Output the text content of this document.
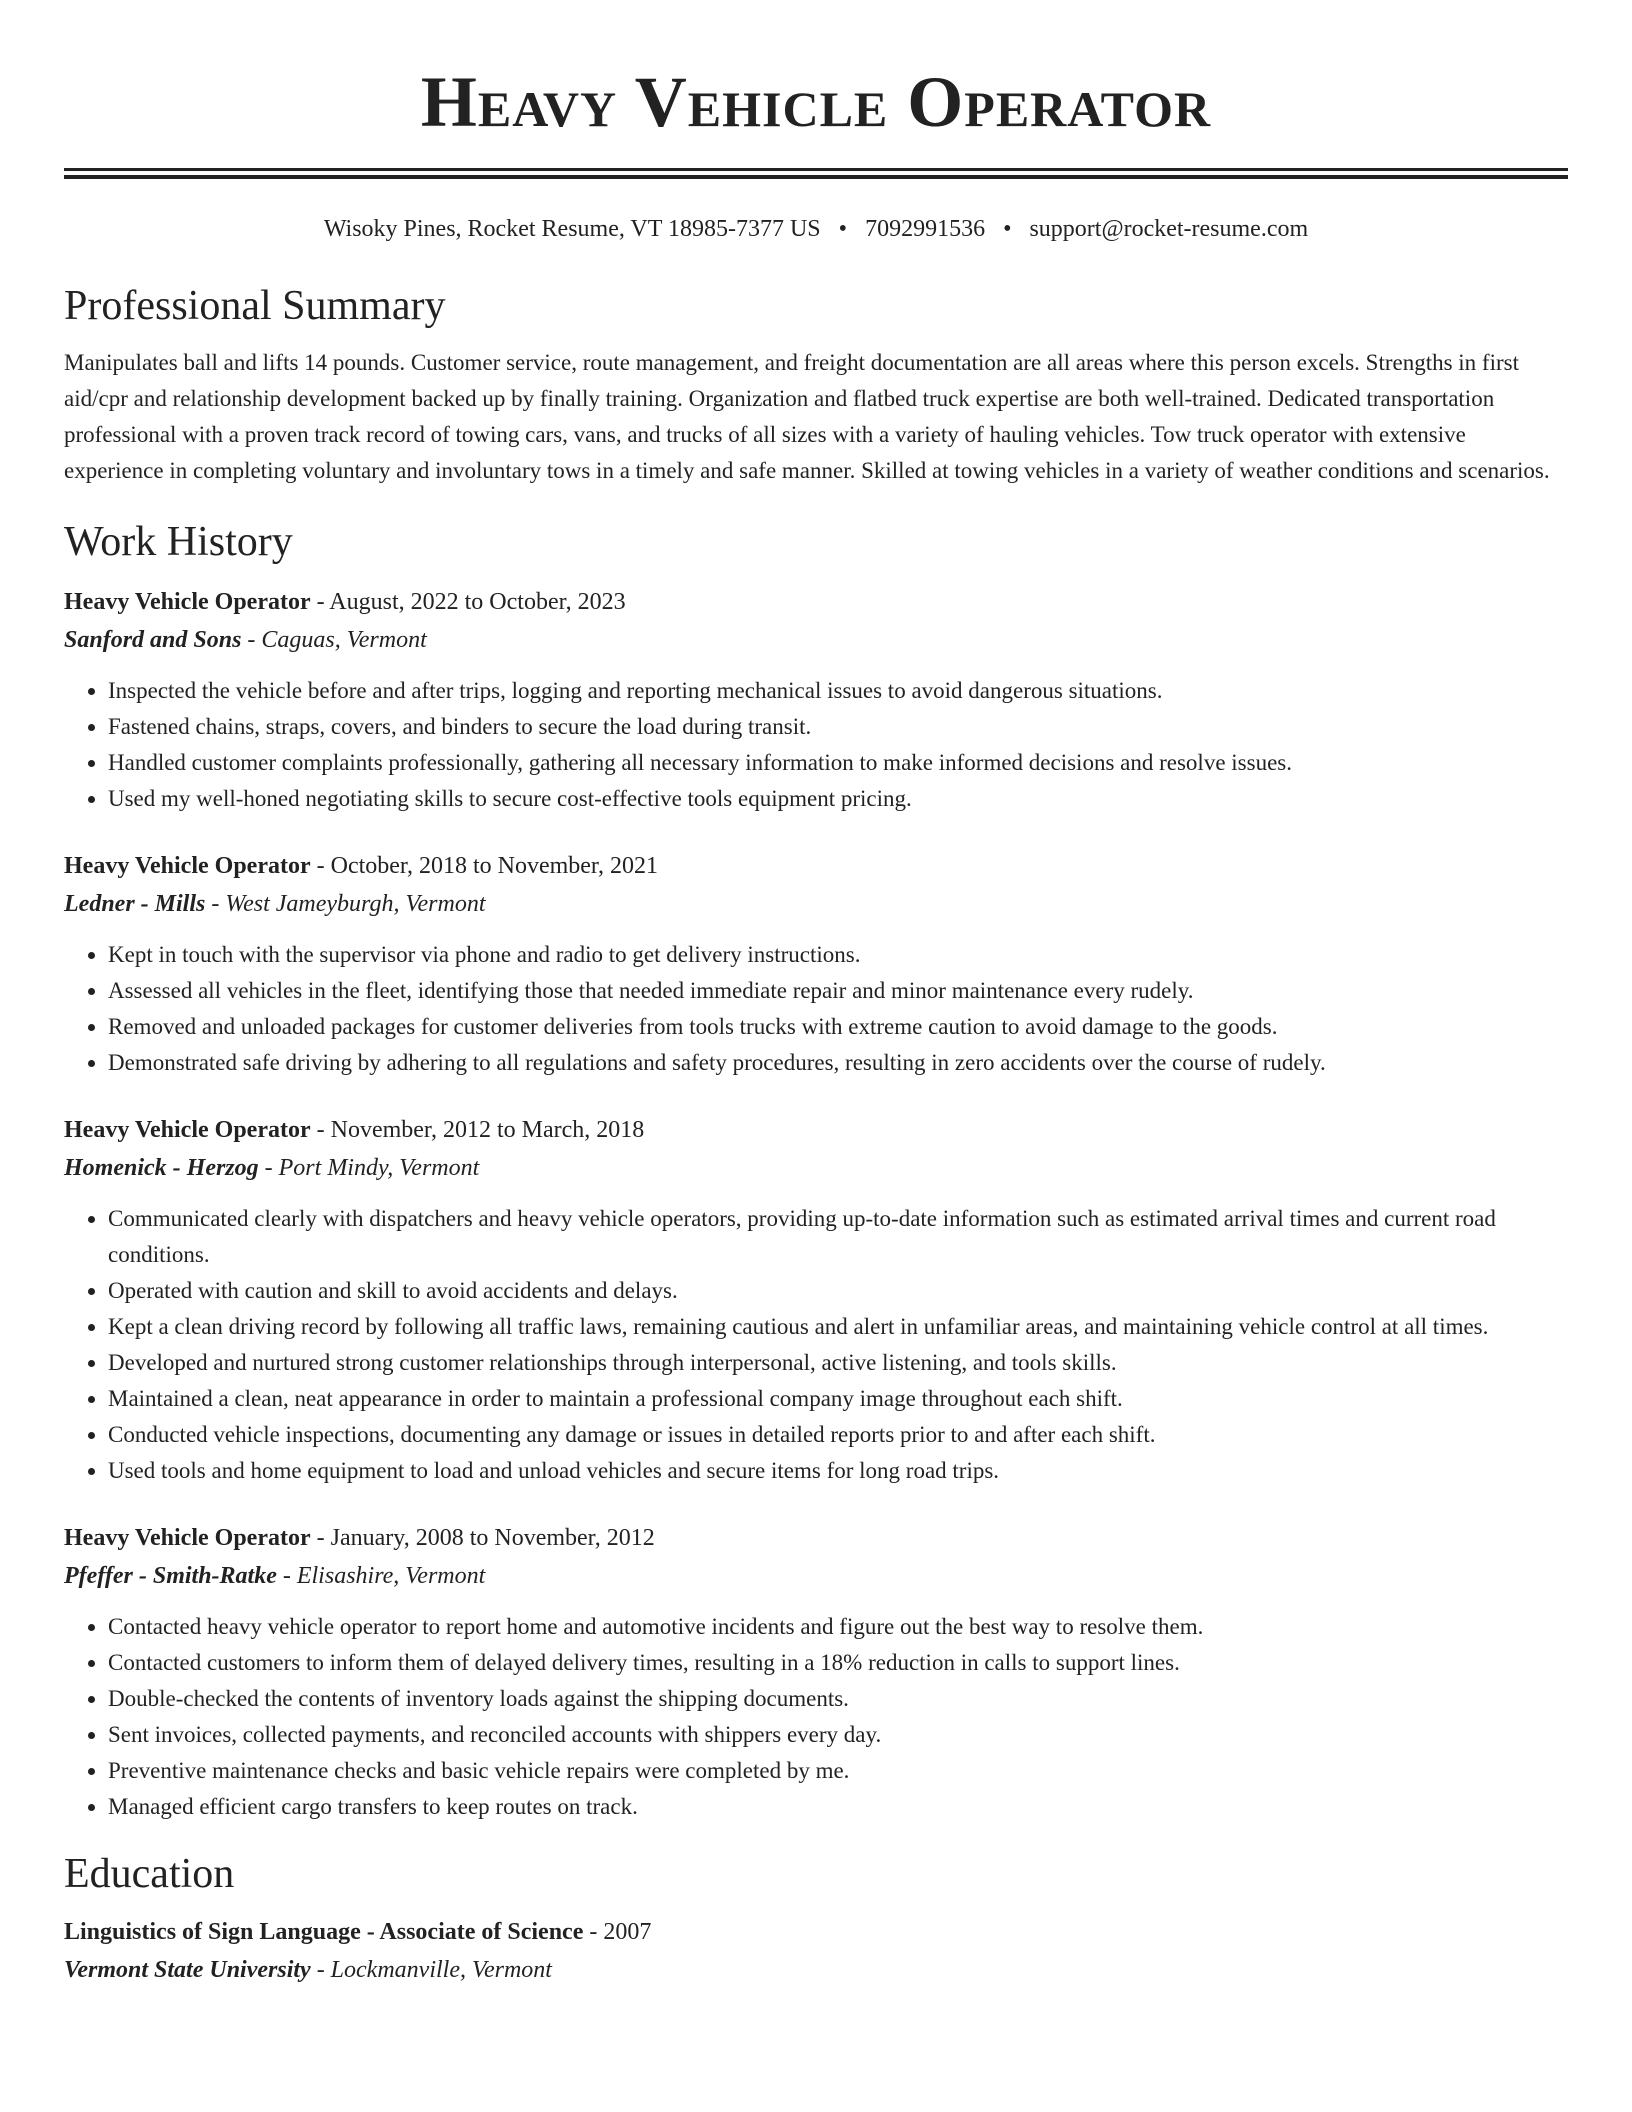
Heavy Vehicle Operator
Wisoky Pines, Rocket Resume, VT 18985-7377 US • 7092991536 • support@rocket-resume.com
Professional Summary
Manipulates ball and lifts 14 pounds. Customer service, route management, and freight documentation are all areas where this person excels. Strengths in first aid/cpr and relationship development backed up by finally training. Organization and flatbed truck expertise are both well-trained. Dedicated transportation professional with a proven track record of towing cars, vans, and trucks of all sizes with a variety of hauling vehicles. Tow truck operator with extensive experience in completing voluntary and involuntary tows in a timely and safe manner. Skilled at towing vehicles in a variety of weather conditions and scenarios.
Work History
Heavy Vehicle Operator - August, 2022 to October, 2023
Sanford and Sons - Caguas, Vermont
• Inspected the vehicle before and after trips, logging and reporting mechanical issues to avoid dangerous situations.
• Fastened chains, straps, covers, and binders to secure the load during transit.
• Handled customer complaints professionally, gathering all necessary information to make informed decisions and resolve issues.
• Used my well-honed negotiating skills to secure cost-effective tools equipment pricing.
Heavy Vehicle Operator - October, 2018 to November, 2021
Ledner - Mills - West Jameyburgh, Vermont
• Kept in touch with the supervisor via phone and radio to get delivery instructions.
• Assessed all vehicles in the fleet, identifying those that needed immediate repair and minor maintenance every rudely.
• Removed and unloaded packages for customer deliveries from tools trucks with extreme caution to avoid damage to the goods.
• Demonstrated safe driving by adhering to all regulations and safety procedures, resulting in zero accidents over the course of rudely.
Heavy Vehicle Operator - November, 2012 to March, 2018
Homenick - Herzog - Port Mindy, Vermont
• Communicated clearly with dispatchers and heavy vehicle operators, providing up-to-date information such as estimated arrival times and current road conditions.
• Operated with caution and skill to avoid accidents and delays.
• Kept a clean driving record by following all traffic laws, remaining cautious and alert in unfamiliar areas, and maintaining vehicle control at all times.
• Developed and nurtured strong customer relationships through interpersonal, active listening, and tools skills.
• Maintained a clean, neat appearance in order to maintain a professional company image throughout each shift.
• Conducted vehicle inspections, documenting any damage or issues in detailed reports prior to and after each shift.
• Used tools and home equipment to load and unload vehicles and secure items for long road trips.
Heavy Vehicle Operator - January, 2008 to November, 2012
Pfeffer - Smith-Ratke - Elisashire, Vermont
• Contacted heavy vehicle operator to report home and automotive incidents and figure out the best way to resolve them.
• Contacted customers to inform them of delayed delivery times, resulting in a 18% reduction in calls to support lines.
• Double-checked the contents of inventory loads against the shipping documents.
• Sent invoices, collected payments, and reconciled accounts with shippers every day.
• Preventive maintenance checks and basic vehicle repairs were completed by me.
• Managed efficient cargo transfers to keep routes on track.
Education
Linguistics of Sign Language - Associate of Science - 2007
Vermont State University - Lockmanville, Vermont
